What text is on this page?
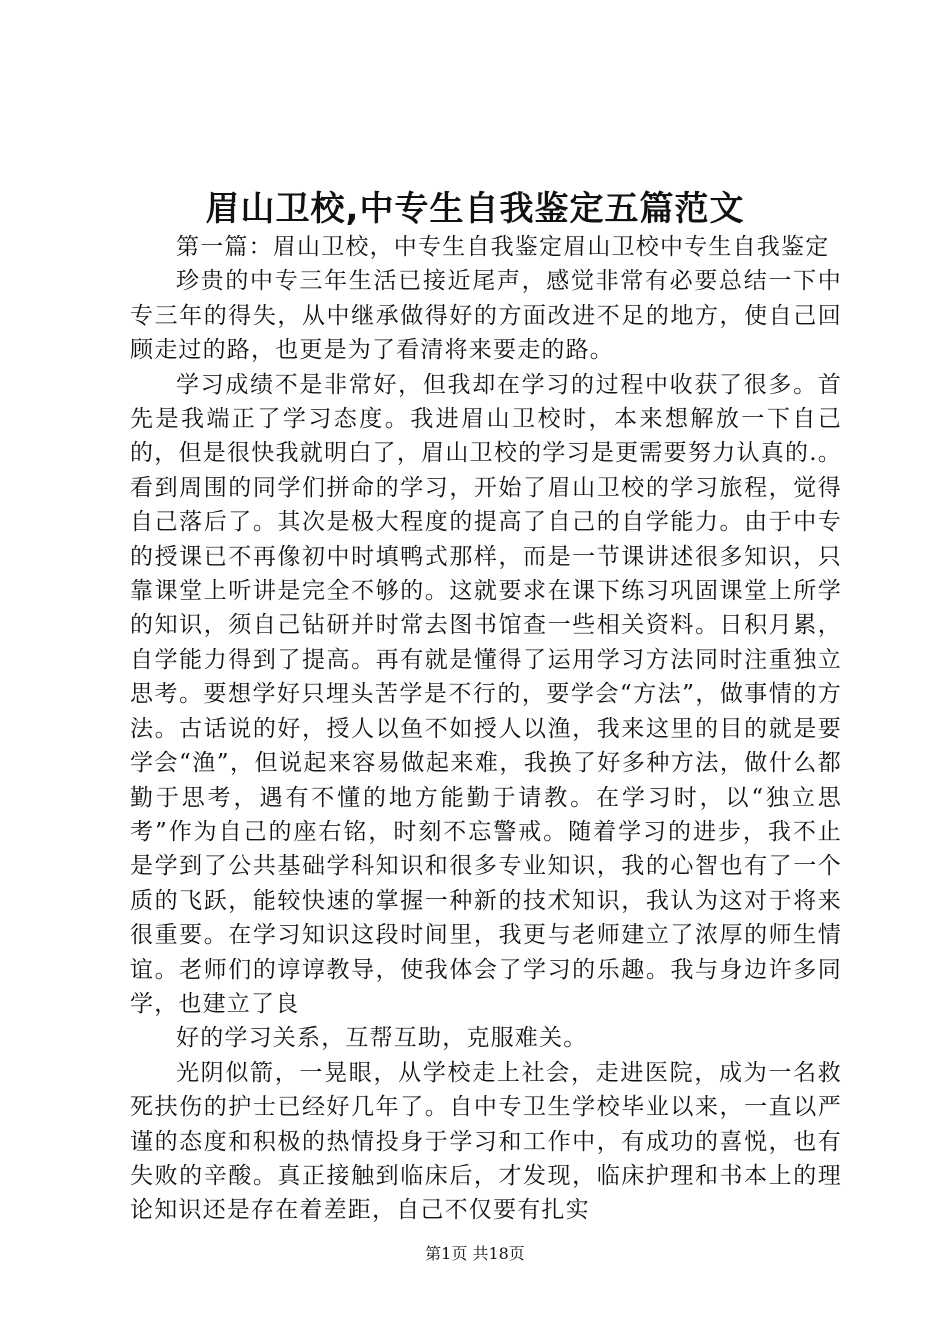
眉山卫校,中专生自我鉴定五篇范文

第一篇：眉山卫校，中专生自我鉴定眉山卫校中专生自我鉴定

珍贵的中专三年生活已接近尾声，感觉非常有必要总结一下中专三年的得失，从中继承做得好的方面改进不足的地方，使自己回顾走过的路，也更是为了看清将来要走的路。

学习成绩不是非常好，但我却在学习的过程中收获了很多。首先是我端正了学习态度。我进眉山卫校时，本来想解放一下自己的，但是很快我就明白了，眉山卫校的学习是更需要努力认真的.。看到周围的同学们拼命的学习，开始了眉山卫校的学习旅程，觉得自己落后了。其次是极大程度的提高了自己的自学能力。由于中专的授课已不再像初中时填鸭式那样，而是一节课讲述很多知识，只靠课堂上听讲是完全不够的。这就要求在课下练习巩固课堂上所学的知识，须自己钻研并时常去图书馆查一些相关资料。日积月累，自学能力得到了提高。再有就是懂得了运用学习方法同时注重独立思考。要想学好只埋头苦学是不行的，要学会“方法”，做事情的方法。古话说的好，授人以鱼不如授人以渔，我来这里的目的就是要学会“渔”，但说起来容易做起来难，我换了好多种方法，做什么都勤于思考，遇有不懂的地方能勤于请教。在学习时，以“独立思考”作为自己的座右铭，时刻不忘警戒。随着学习的进步，我不止是学到了公共基础学科知识和很多专业知识，我的心智也有了一个质的飞跃，能较快速的掌握一种新的技术知识，我认为这对于将来很重要。在学习知识这段时间里，我更与老师建立了浓厚的师生情谊。老师们的谆谆教导，使我体会了学习的乐趣。我与身边许多同学，也建立了良

好的学习关系，互帮互助，克服难关。

光阴似箭，一晃眼，从学校走上社会，走进医院，成为一名救死扶伤的护士已经好几年了。自中专卫生学校毕业以来，一直以严谨的态度和积极的热情投身于学习和工作中，有成功的喜悦，也有失败的辛酸。真正接触到临床后，才发现，临床护理和书本上的理论知识还是存在着差距，自己不仅要有扎实

第1页 共18页
